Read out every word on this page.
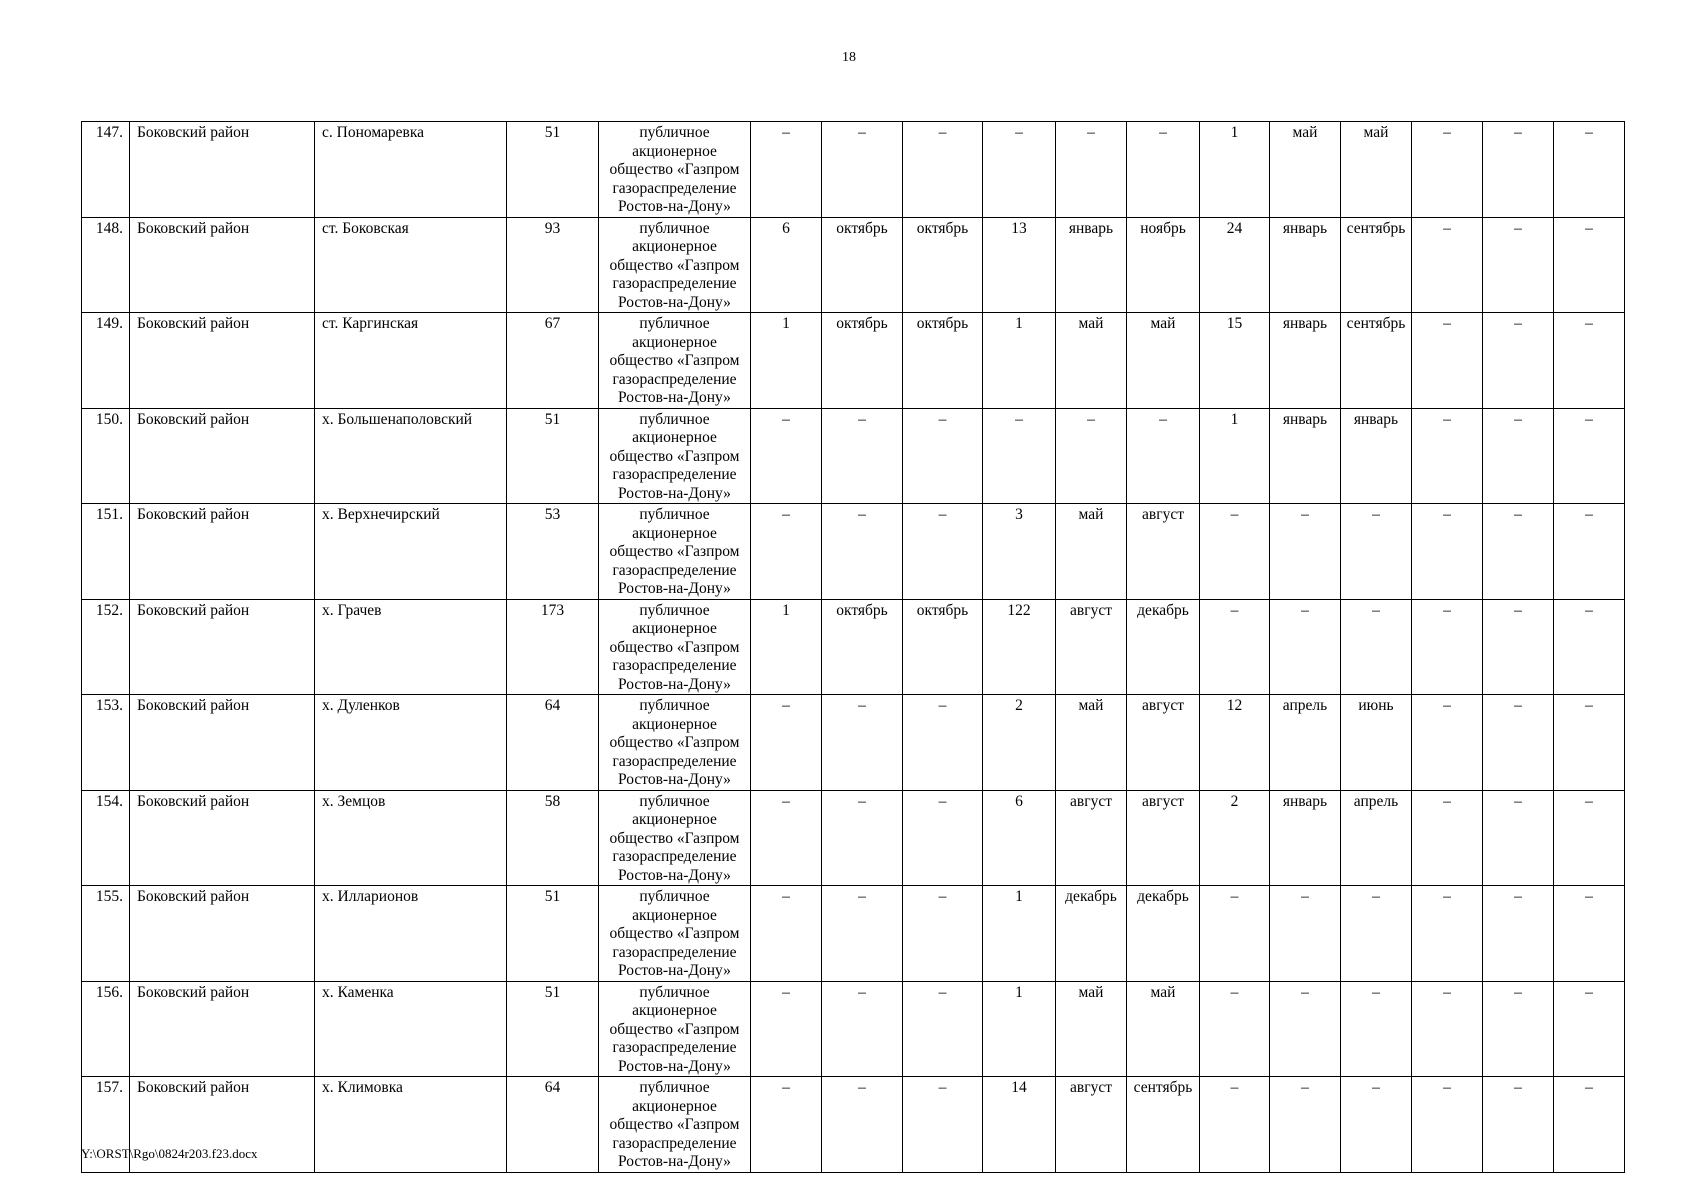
18
147.	Боковский район	с. Пономаревка	51	публичное акционерное общество «Газпром газораспределение Ростов-на-Дону»	–	–	–	–	–	–	1	май	май	–	–	–
148.	Боковский район	ст. Боковская	93	публичное акционерное общество «Газпром газораспределение Ростов-на-Дону»	6	октябрь	октябрь	13	январь	ноябрь	24	январь	сентябрь	–	–	–
149.	Боковский район	ст. Каргинская	67	публичное акционерное общество «Газпром газораспределение Ростов-на-Дону»	1	октябрь	октябрь	1	май	май	15	январь	сентябрь	–	–	–
150.	Боковский район	х. Большенаполовский	51	публичное акционерное общество «Газпром газораспределение Ростов-на-Дону»	–	–	–	–	–	–	1	январь	январь	–	–	–
151.	Боковский район	х. Верхнечирский	53	публичное акционерное общество «Газпром газораспределение Ростов-на-Дону»	–	–	–	3	май	август	–	–	–	–	–	–
152.	Боковский район	х. Грачев	173	публичное акционерное общество «Газпром газораспределение Ростов-на-Дону»	1	октябрь	октябрь	122	август	декабрь	–	–	–	–	–	–
153.	Боковский район	х. Дуленков	64	публичное акционерное общество «Газпром газораспределение Ростов-на-Дону»	–	–	–	2	май	август	12	апрель	июнь	–	–	–
154.	Боковский район	х. Земцов	58	публичное акционерное общество «Газпром газораспределение Ростов-на-Дону»	–	–	–	6	август	август	2	январь	апрель	–	–	–
155.	Боковский район	х. Илларионов	51	публичное акционерное общество «Газпром газораспределение Ростов-на-Дону»	–	–	–	1	декабрь	декабрь	–	–	–	–	–	–
156.	Боковский район	х. Каменка	51	публичное акционерное общество «Газпром газораспределение Ростов-на-Дону»	–	–	–	1	май	май	–	–	–	–	–	–
157.	Боковский район	х. Климовка	64	публичное акционерное общество «Газпром газораспределение Ростов-на-Дону»	–	–	–	14	август	сентябрь	–	–	–	–	–	–
Y:\ORST\Rgo\0824r203.f23.docx
